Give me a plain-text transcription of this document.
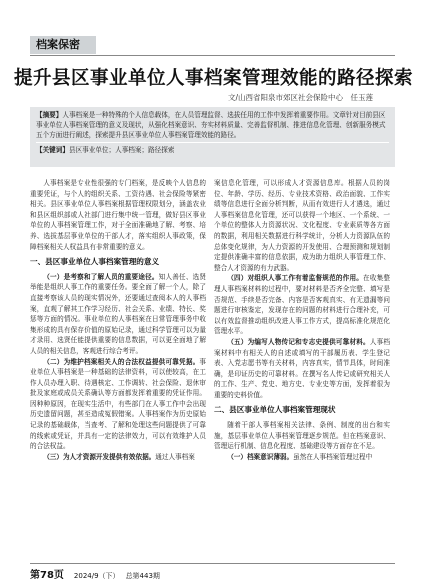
档案保密
提升县区事业单位人事档案管理效能的路径探索
文/山西省阳泉市郊区社会保险中心　任玉莲
【摘要】人事档案是一种特殊的个人信息载体，在人员管理监督、选拔任用的工作中发挥着重要作用。文章针对目前县区事业单位人事档案管理的意义及现状，从强化档案意识、夯实材料质量、完善监督机制、推进信息化管理、创新服务模式五个方面进行阐述，探索提升县区事业单位人事档案管理效能的路径。
【关键词】县区事业单位；人事档案；路径探索

人事档案是专业性很强的专门档案，是反映个人信息的重要凭证，与个人的组织关系、工资待遇、社会保险等紧密相关。县区事业单位人事档案根据管理权限划分，涵盖农业和县区组织部或人社部门进行集中统一管理，做好县区事业单位的人事档案管理工作，对于全面准确地了解、考察、培养、选拔基层事业单位的干部人才，落实组织人事政策，保障档案相关人权益具有非常重要的意义。

一、县区事业单位人事档案管理的意义

（一）是考察和了解人员的重要途径。知人善任、选贤举能是组织人事工作的重要任务。要全面了解一个人，除了直接考察该人员的现实情况外，还要通过查阅本人的人事档案，直观了解其工作学习经历、社会关系、业绩、特长、奖惩等方面的情况。事业单位的人事档案在日常管理事务中收集形成的具有保存价值的原始记录，通过科学管理可以为量才录用、选贤任能提供重要的信息数据，可以更全面地了解人员的相关信息，客观进行综合考评。

（二）为维护档案相关人的合法权益提供可靠凭据。事业单位人事档案是一种基础的法律资料，可以使较高，在工作人员办理入职、待遇核定、工作调转、社会保险、退休审批及家庭或成员关系确认等方面都发挥着重要的凭证作用。因种种原因，在现实生活中，有些部门在人事工作中会出现历史遗留问题，甚至造成冤假错案。人事档案作为历史原始记录的基础载体，当查考、了解和处理这些问题提供了可靠的线索或凭证，并具有一定的法律效力，可以有效维护人员的合法权益。

（三）为人才资源开发提供有效依据。通过人事档案

案信息化管理，可以形成人才资源信息库。根据人员的岗位、年龄、学历、经历、专业技术资格、政治面貌、工作实绩等信息进行全面分析判断，从而有效进行人才遴选，通过人事档案信息化管理，还可以获得一个地区、一个系统、一个单位的整体人力资源状况、文化程度、专业素质等各方面的数据，利用相关数据进行科学统计，分析人力资源队伍的总体变化规律，为人力资源的开发使用、合理预测和规划制定提供准确丰富的信息依据，成为助力组织人事管理工作、整合人才资源的有力武器。

（四）对组织人事工作有着监督规范的作用。在收集整理人事档案材料的过程中，要对材料是否齐全完整、填写是否规范、手续是否完备、内容是否客观真实、有无遗漏等问题进行审核鉴定，发现存在的问题的材料进行合理补充，可以有效监督推动组织改进人事工作方式，提高标准化规范化管理水平。

（五）为编写人物传记和专志史提供可靠材料。人事档案材料中有相关人的自述或填写的干部履历表、学生登记表、入党志愿书等有关材料，内容真实，情节具体，时间准确，是印证历史的可靠材料。在撰写名人传记或研究相关人的工作、生产、党史、地方史、专业史等方面，发挥着很为重要的史料价值。

二、县区事业单位人事档案管理现状

随着干部人事档案相关法律、条例、制度的出台和实施，基层事业单位人事档案管理逐步规范。但在档案意识、管理运行机制、信息化程度、基础建设等方面存在不足。

（一）档案意识薄弱。虽然在人事档案管理过程中

第78页 2024/9（下） 总第443期
